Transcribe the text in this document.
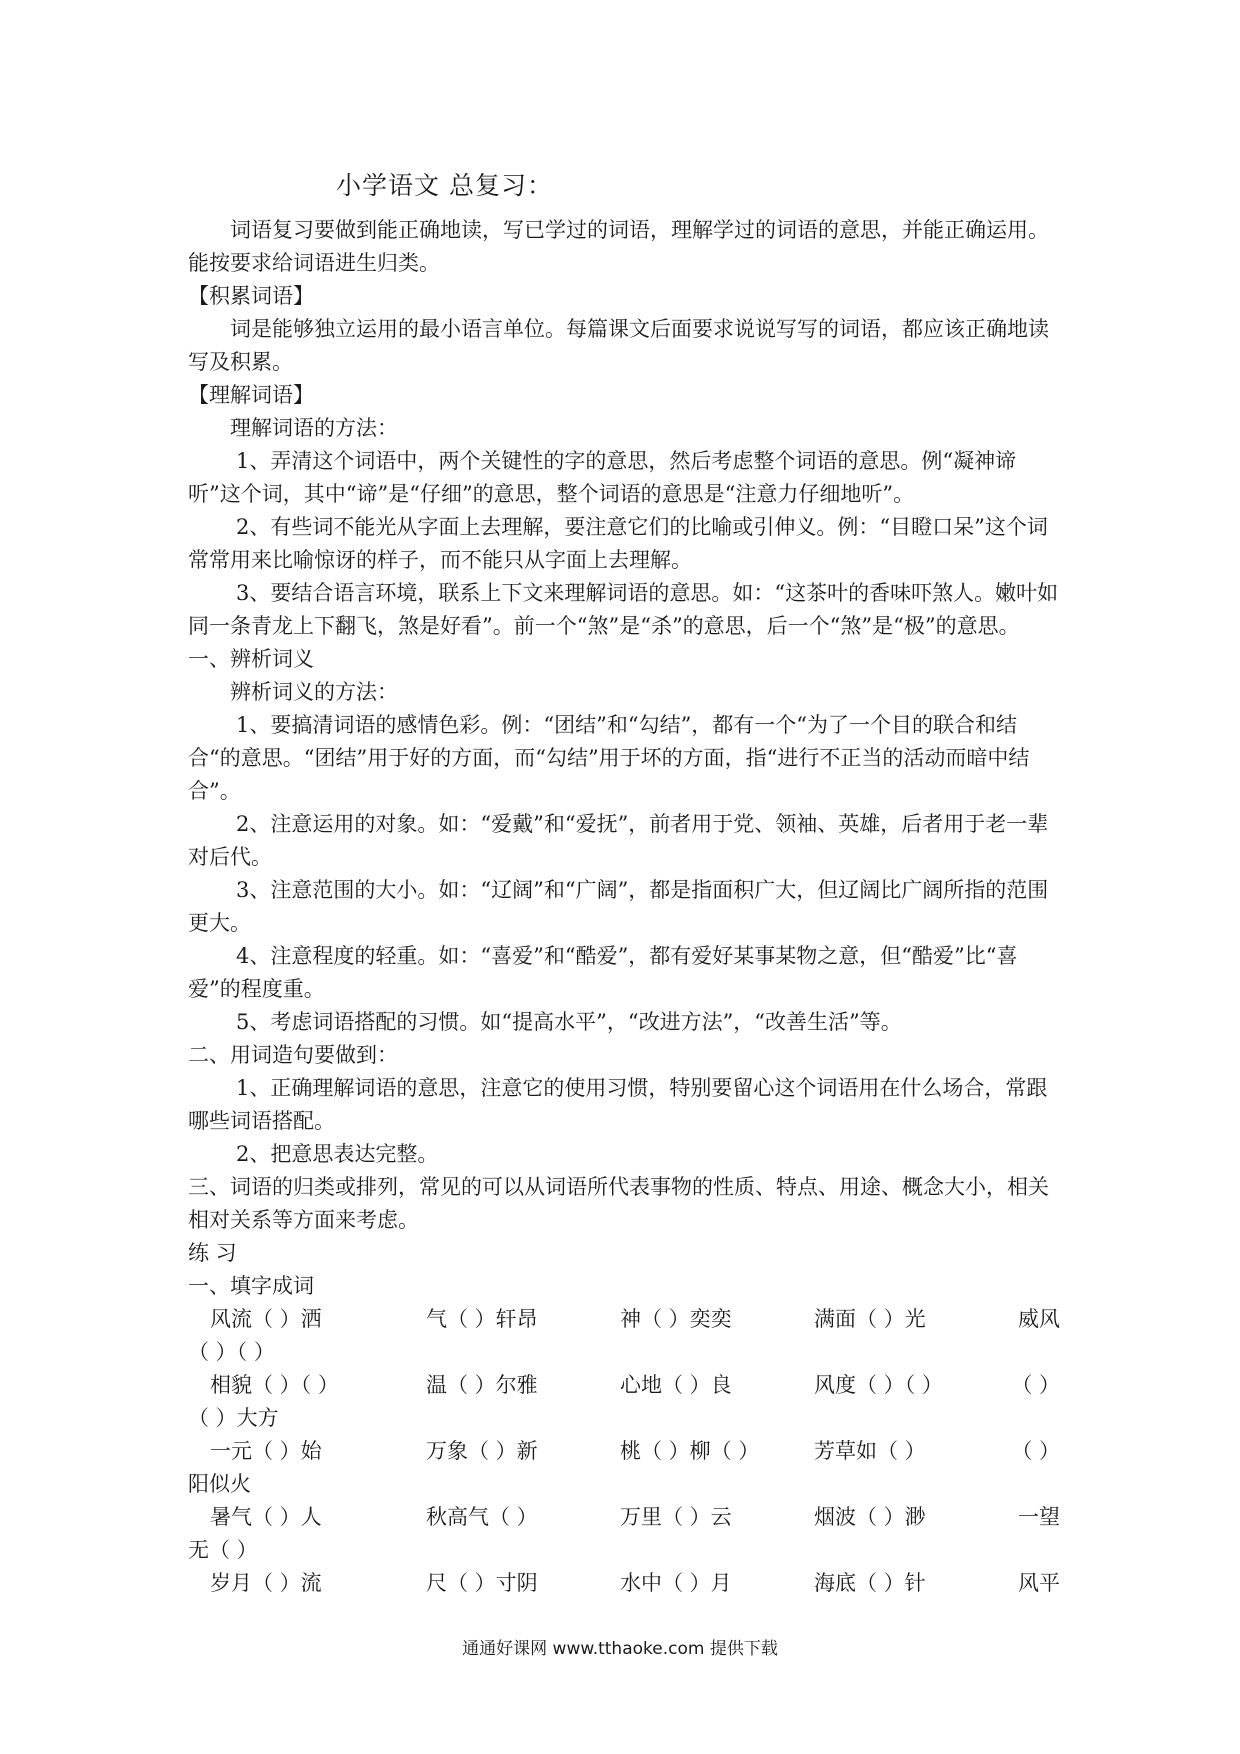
小学语文 总复习：

词语复习要做到能正确地读，写已学过的词语，理解学过的词语的意思，并能正确运用。能按要求给词语进生归类。

【积累词语】

词是能够独立运用的最小语言单位。每篇课文后面要求说说写写的词语，都应该正确地读写及积累。

【理解词语】

理解词语的方法：

1、弄清这个词语中，两个关键性的字的意思，然后考虑整个词语的意思。例“凝神谛听”这个词，其中“谛”是“仔细”的意思，整个词语的意思是“注意力仔细地听”。

2、有些词不能光从字面上去理解，要注意它们的比喻或引伸义。例：“目瞪口呆”这个词常常用来比喻惊讶的样子，而不能只从字面上去理解。

3、要结合语言环境，联系上下文来理解词语的意思。如：“这茶叶的香味吓煞人。嫩叶如同一条青龙上下翻飞，煞是好看”。前一个“煞”是“杀”的意思，后一个“煞”是“极”的意思。

一、辨析词义

辨析词义的方法：

1、要搞清词语的感情色彩。例：“团结”和“勾结”，都有一个“为了一个目的联合和结合“的意思。“团结”用于好的方面，而“勾结”用于坏的方面，指“进行不正当的活动而暗中结合”。

2、注意运用的对象。如：“爱戴”和“爱抚”，前者用于党、领袖、英雄，后者用于老一辈对后代。

3、注意范围的大小。如：“辽阔”和“广阔”，都是指面积广大，但辽阔比广阔所指的范围更大。

4、注意程度的轻重。如：“喜爱”和“酷爱”，都有爱好某事某物之意，但“酷爱”比“喜爱”的程度重。

5、考虑词语搭配的习惯。如“提高水平”，“改进方法”，“改善生活”等。

二、用词造句要做到：

1、正确理解词语的意思，注意它的使用习惯，特别要留心这个词语用在什么场合，常跟哪些词语搭配。

2、把意思表达完整。

三、词语的归类或排列，常见的可以从词语所代表事物的性质、特点、用途、概念大小，相关相对关系等方面来考虑。

练 习

一、填字成词

风流（ ）洒	气（ ）轩昂	神（ ）奕奕	满面（ ）光	威风
（ ）（ ）
相貌（ ）（ ）	温（ ）尔雅	心地（ ）良	风度（ ）（ ）	（ ）
（ ）大方
一元（ ）始	万象（ ）新	桃（ ）柳（ ）	芳草如（ ）	（ ）
阳似火
暑气（ ）人	秋高气（ ）	万里（ ）云	烟波（ ）渺	一望
无（ ）
岁月（ ）流	尺（ ）寸阴	水中（ ）月	海底（ ）针	风平
通通好课网 www.tthaoke.com 提供下载
